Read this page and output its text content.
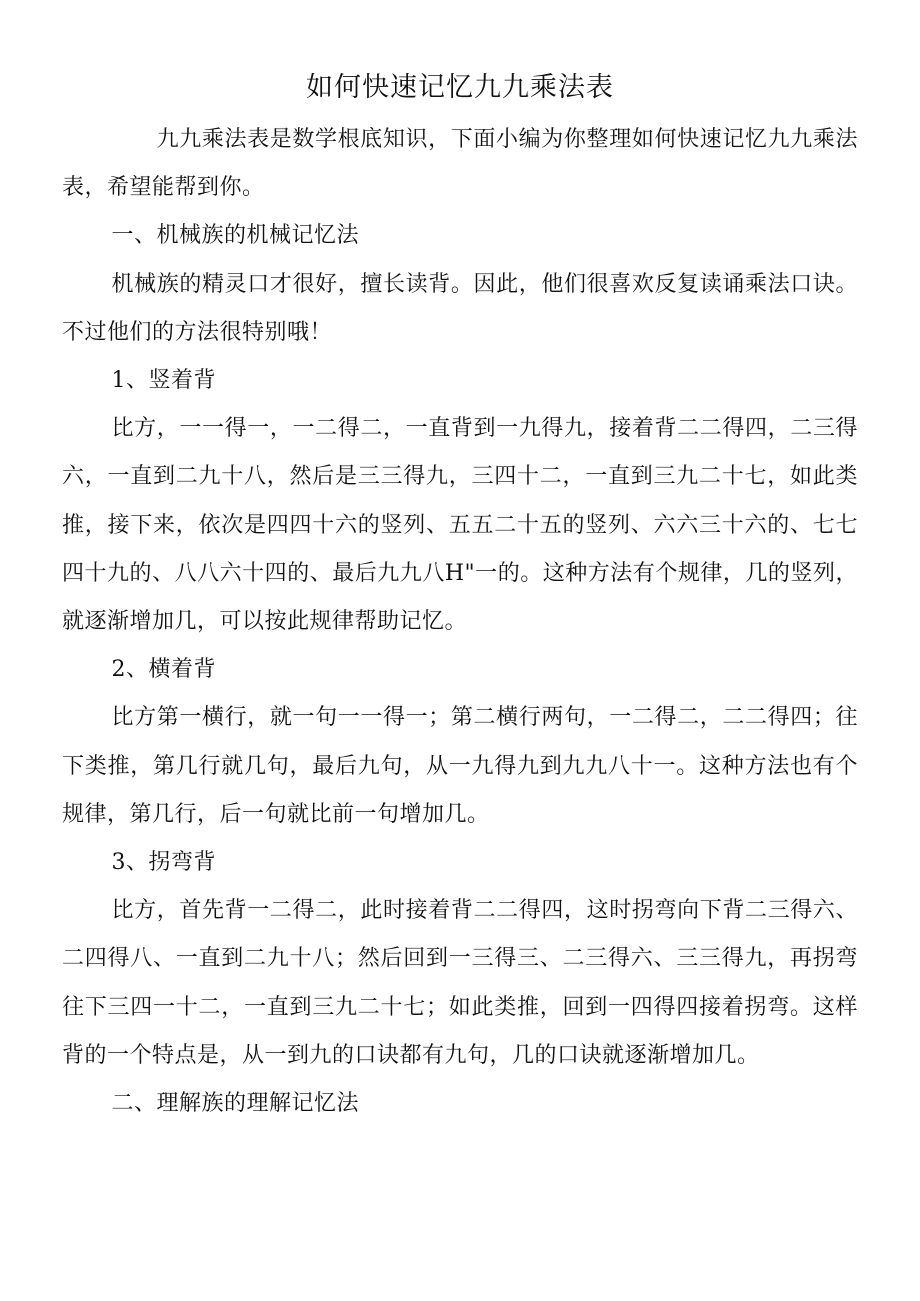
如何快速记忆九九乘法表

九九乘法表是数学根底知识，下面小编为你整理如何快速记忆九九乘法表，希望能帮到你。

一、机械族的机械记忆法

机械族的精灵口才很好，擅长读背。因此，他们很喜欢反复读诵乘法口诀。不过他们的方法很特别哦！

1、竖着背

比方，一一得一，一二得二，一直背到一九得九，接着背二二得四，二三得六，一直到二九十八，然后是三三得九，三四十二，一直到三九二十七，如此类推，接下来，依次是四四十六的竖列、五五二十五的竖列、六六三十六的、七七四十九的、八八六十四的、最后九九八H"一的。这种方法有个规律，几的竖列，就逐渐增加几，可以按此规律帮助记忆。

2、横着背

比方第一横行，就一句一一得一；第二横行两句，一二得二，二二得四；往下类推，第几行就几句，最后九句，从一九得九到九九八十一。这种方法也有个规律，第几行，后一句就比前一句增加几。

3、拐弯背

比方，首先背一二得二，此时接着背二二得四，这时拐弯向下背二三得六、二四得八、一直到二九十八；然后回到一三得三、二三得六、三三得九，再拐弯往下三四一十二，一直到三九二十七；如此类推，回到一四得四接着拐弯。这样背的一个特点是，从一到九的口诀都有九句，几的口诀就逐渐增加几。

二、理解族的理解记忆法
